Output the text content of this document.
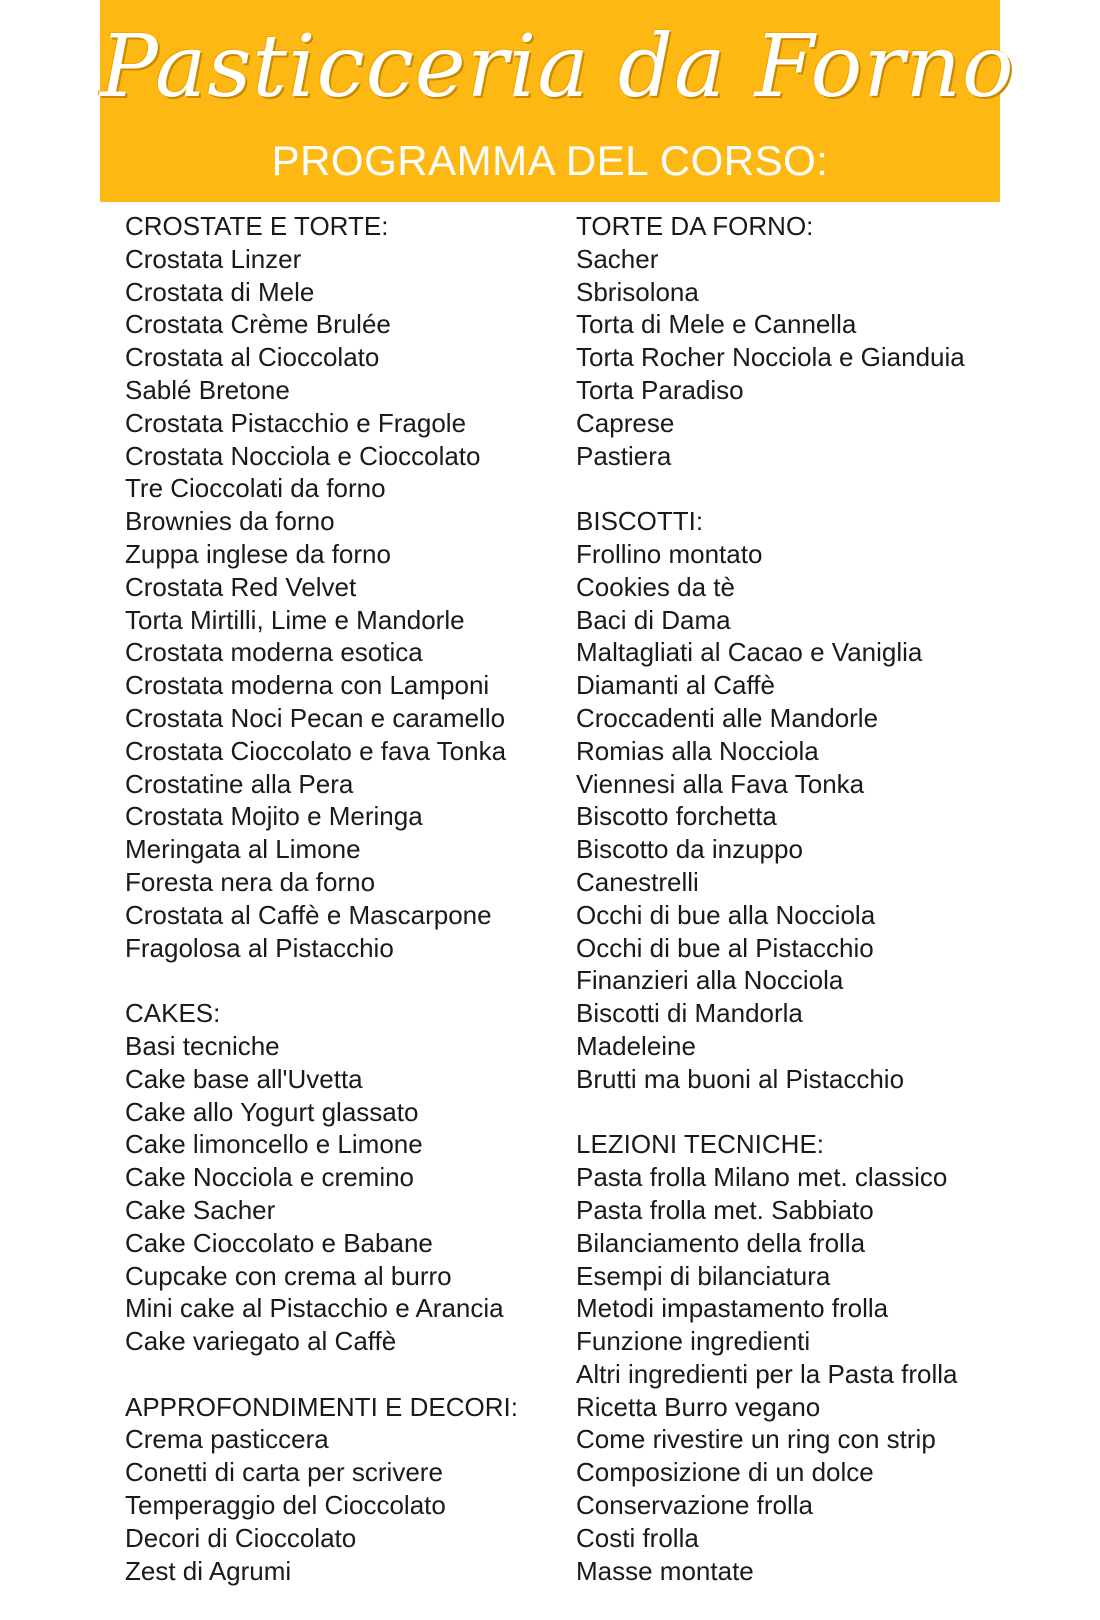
Pasticceria da Forno
PROGRAMMA DEL CORSO:
CROSTATE E TORTE:
Crostata Linzer
Crostata di Mele
Crostata Crème Brulée
Crostata al Cioccolato
Sablé Bretone
Crostata Pistacchio e Fragole
Crostata Nocciola e Cioccolato
Tre Cioccolati da forno
Brownies da forno
Zuppa inglese da forno
Crostata Red Velvet
Torta Mirtilli, Lime e Mandorle
Crostata moderna esotica
Crostata moderna con Lamponi
Crostata Noci Pecan e caramello
Crostata Cioccolato e fava Tonka
Crostatine alla Pera
Crostata Mojito e Meringa
Meringata al Limone
Foresta nera da forno
Crostata al Caffè e Mascarpone
Fragolosa al Pistacchio
CAKES:
Basi tecniche
Cake base all'Uvetta
Cake allo Yogurt glassato
Cake limoncello e Limone
Cake Nocciola e cremino
Cake Sacher
Cake Cioccolato e Babane
Cupcake con crema al burro
Mini cake al Pistacchio e Arancia
Cake variegato al Caffè
APPROFONDIMENTI E DECORI:
Crema pasticcera
Conetti di carta per scrivere
Temperaggio del Cioccolato
Decori di Cioccolato
Zest di Agrumi
TORTE DA FORNO:
Sacher
Sbrisolona
Torta di Mele e Cannella
Torta Rocher Nocciola e Gianduia
Torta Paradiso
Caprese
Pastiera
BISCOTTI:
Frollino montato
Cookies da tè
Baci di Dama
Maltagliati al Cacao e Vaniglia
Diamanti al Caffè
Croccadenti alle Mandorle
Romias alla Nocciola
Viennesi alla Fava Tonka
Biscotto forchetta
Biscotto da inzuppo
Canestrelli
Occhi di bue alla Nocciola
Occhi di bue al Pistacchio
Finanzieri alla Nocciola
Biscotti di Mandorla
Madeleine
Brutti ma buoni al Pistacchio
LEZIONI TECNICHE:
Pasta frolla Milano met. classico
Pasta frolla met. Sabbiato
Bilanciamento della frolla
Esempi di bilanciatura
Metodi impastamento frolla
Funzione ingredienti
Altri ingredienti per la Pasta frolla
Ricetta Burro vegano
Come rivestire un ring con strip
Composizione di un dolce
Conservazione frolla
Costi frolla
Masse montate
